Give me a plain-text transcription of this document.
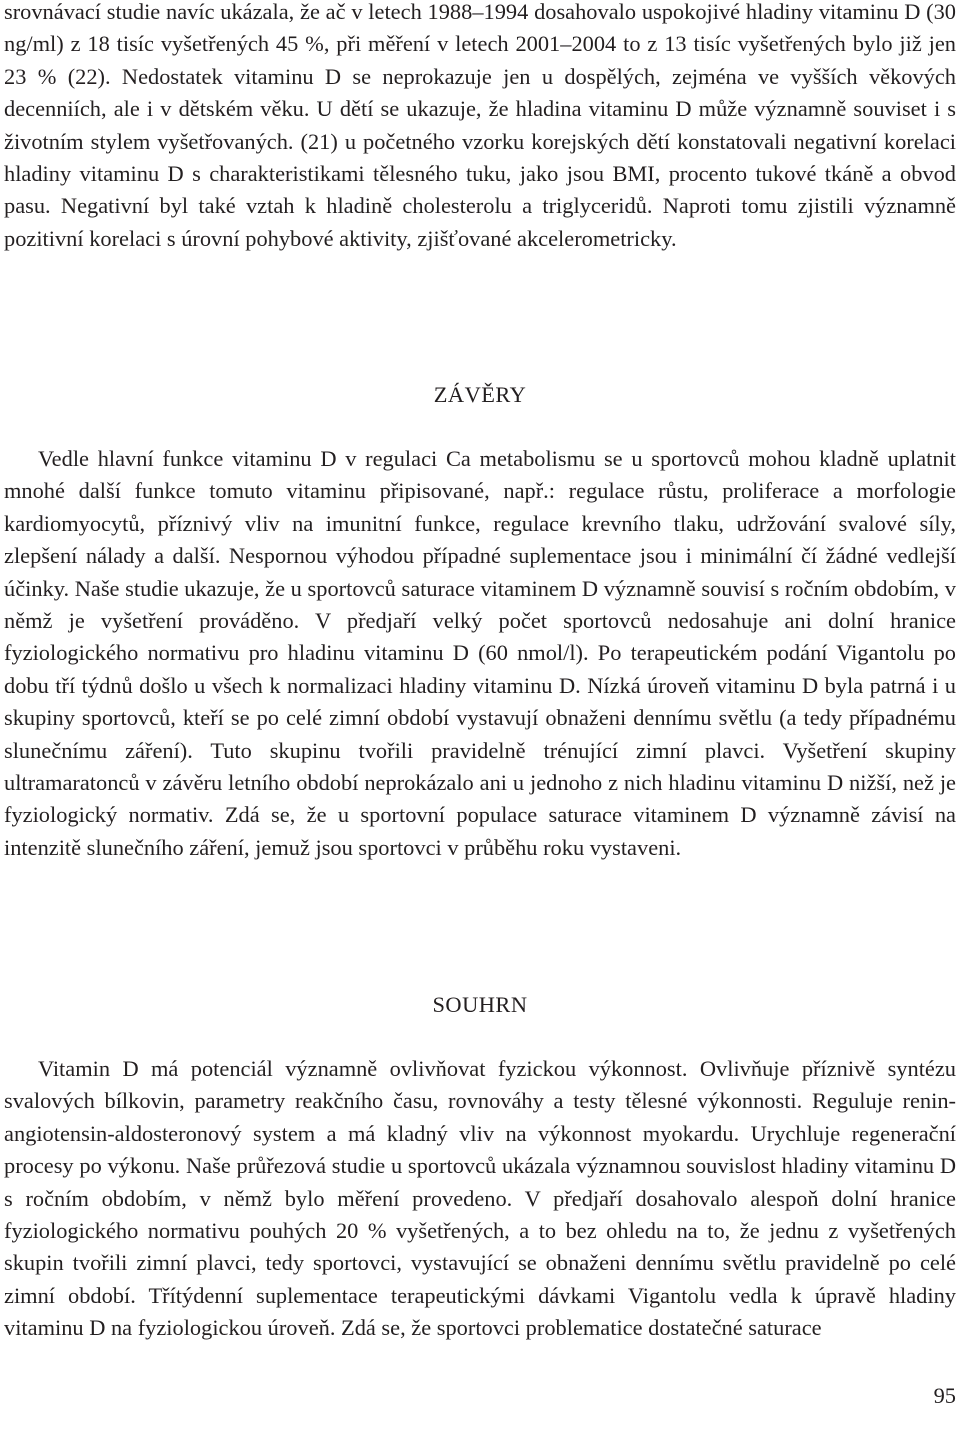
srovnávací studie navíc ukázala, že ač v letech 1988–1994 dosahovalo uspokojivé hladiny vitaminu D (30 ng/ml) z 18 tisíc vyšetřených 45 %, při měření v letech 2001–2004 to z 13 tisíc vyšetřených bylo již jen 23 % (22). Nedostatek vitaminu D se neprokazuje jen u dospělých, zejména ve vyšších věkových decenniích, ale i v dětském věku. U dětí se ukazuje, že hladina vitaminu D může významně souviset i s životním stylem vyšetřovaných. (21) u početného vzorku korejských dětí konstatovali negativní korelaci hladiny vitaminu D s charakteristikami tělesného tuku, jako jsou BMI, procento tukové tkáně a obvod pasu. Negativní byl také vztah k hladině cholesterolu a triglyceridů. Naproti tomu zjistili významně pozitivní korelaci s úrovní pohybové aktivity, zjišťované akcelerometricky.

ZÁVĚRY

Vedle hlavní funkce vitaminu D v regulaci Ca metabolismu se u sportovců mohou kladně uplatnit mnohé další funkce tomuto vitaminu připisované, např.: regulace růstu, proliferace a morfologie kardiomyocytů, příznivý vliv na imunitní funkce, regulace krevního tlaku, udržování svalové síly, zlepšení nálady a další. Nespornou výhodou případné suplementace jsou i minimální čí žádné vedlejší účinky. Naše studie ukazuje, že u sportovců saturace vitaminem D významně souvisí s ročním obdobím, v němž je vyšetření prováděno. V předjaří velký počet sportovců nedosahuje ani dolní hranice fyziologického normativu pro hladinu vitaminu D (60 nmol/l). Po terapeutickém podání Vigantolu po dobu tří týdnů došlo u všech k normalizaci hladiny vitaminu D. Nízká úroveň vitaminu D byla patrná i u skupiny sportovců, kteří se po celé zimní období vystavují obnaženi dennímu světlu (a tedy případnému slunečnímu záření). Tuto skupinu tvořili pravidelně trénující zimní plavci. Vyšetření skupiny ultramaratonců v závěru letního období neprokázalo ani u jednoho z nich hladinu vitaminu D nižší, než je fyziologický normativ. Zdá se, že u sportovní populace saturace vitaminem D významně závisí na intenzitě slunečního záření, jemuž jsou sportovci v průběhu roku vystaveni.

SOUHRN

Vitamin D má potenciál významně ovlivňovat fyzickou výkonnost. Ovlivňuje příznivě syntézu svalových bílkovin, parametry reakčního času, rovnováhy a testy tělesné výkonnosti. Reguluje renin-angiotensin-aldosteronový system a má kladný vliv na výkonnost myokardu. Urychluje regenerační procesy po výkonu. Naše průřezová studie u sportovců ukázala významnou souvislost hladiny vitaminu D s ročním obdobím, v němž bylo měření provedeno. V předjaří dosahovalo alespoň dolní hranice fyziologického normativu pouhých 20 % vyšetřených, a to bez ohledu na to, že jednu z vyšetřených skupin tvořili zimní plavci, tedy sportovci, vystavující se obnaženi dennímu světlu pravidelně po celé zimní období. Třítýdenní suplementace terapeutickými dávkami Vigantolu vedla k úpravě hladiny vitaminu D na fyziologickou úroveň. Zdá se, že sportovci problematice dostatečné saturace

95
